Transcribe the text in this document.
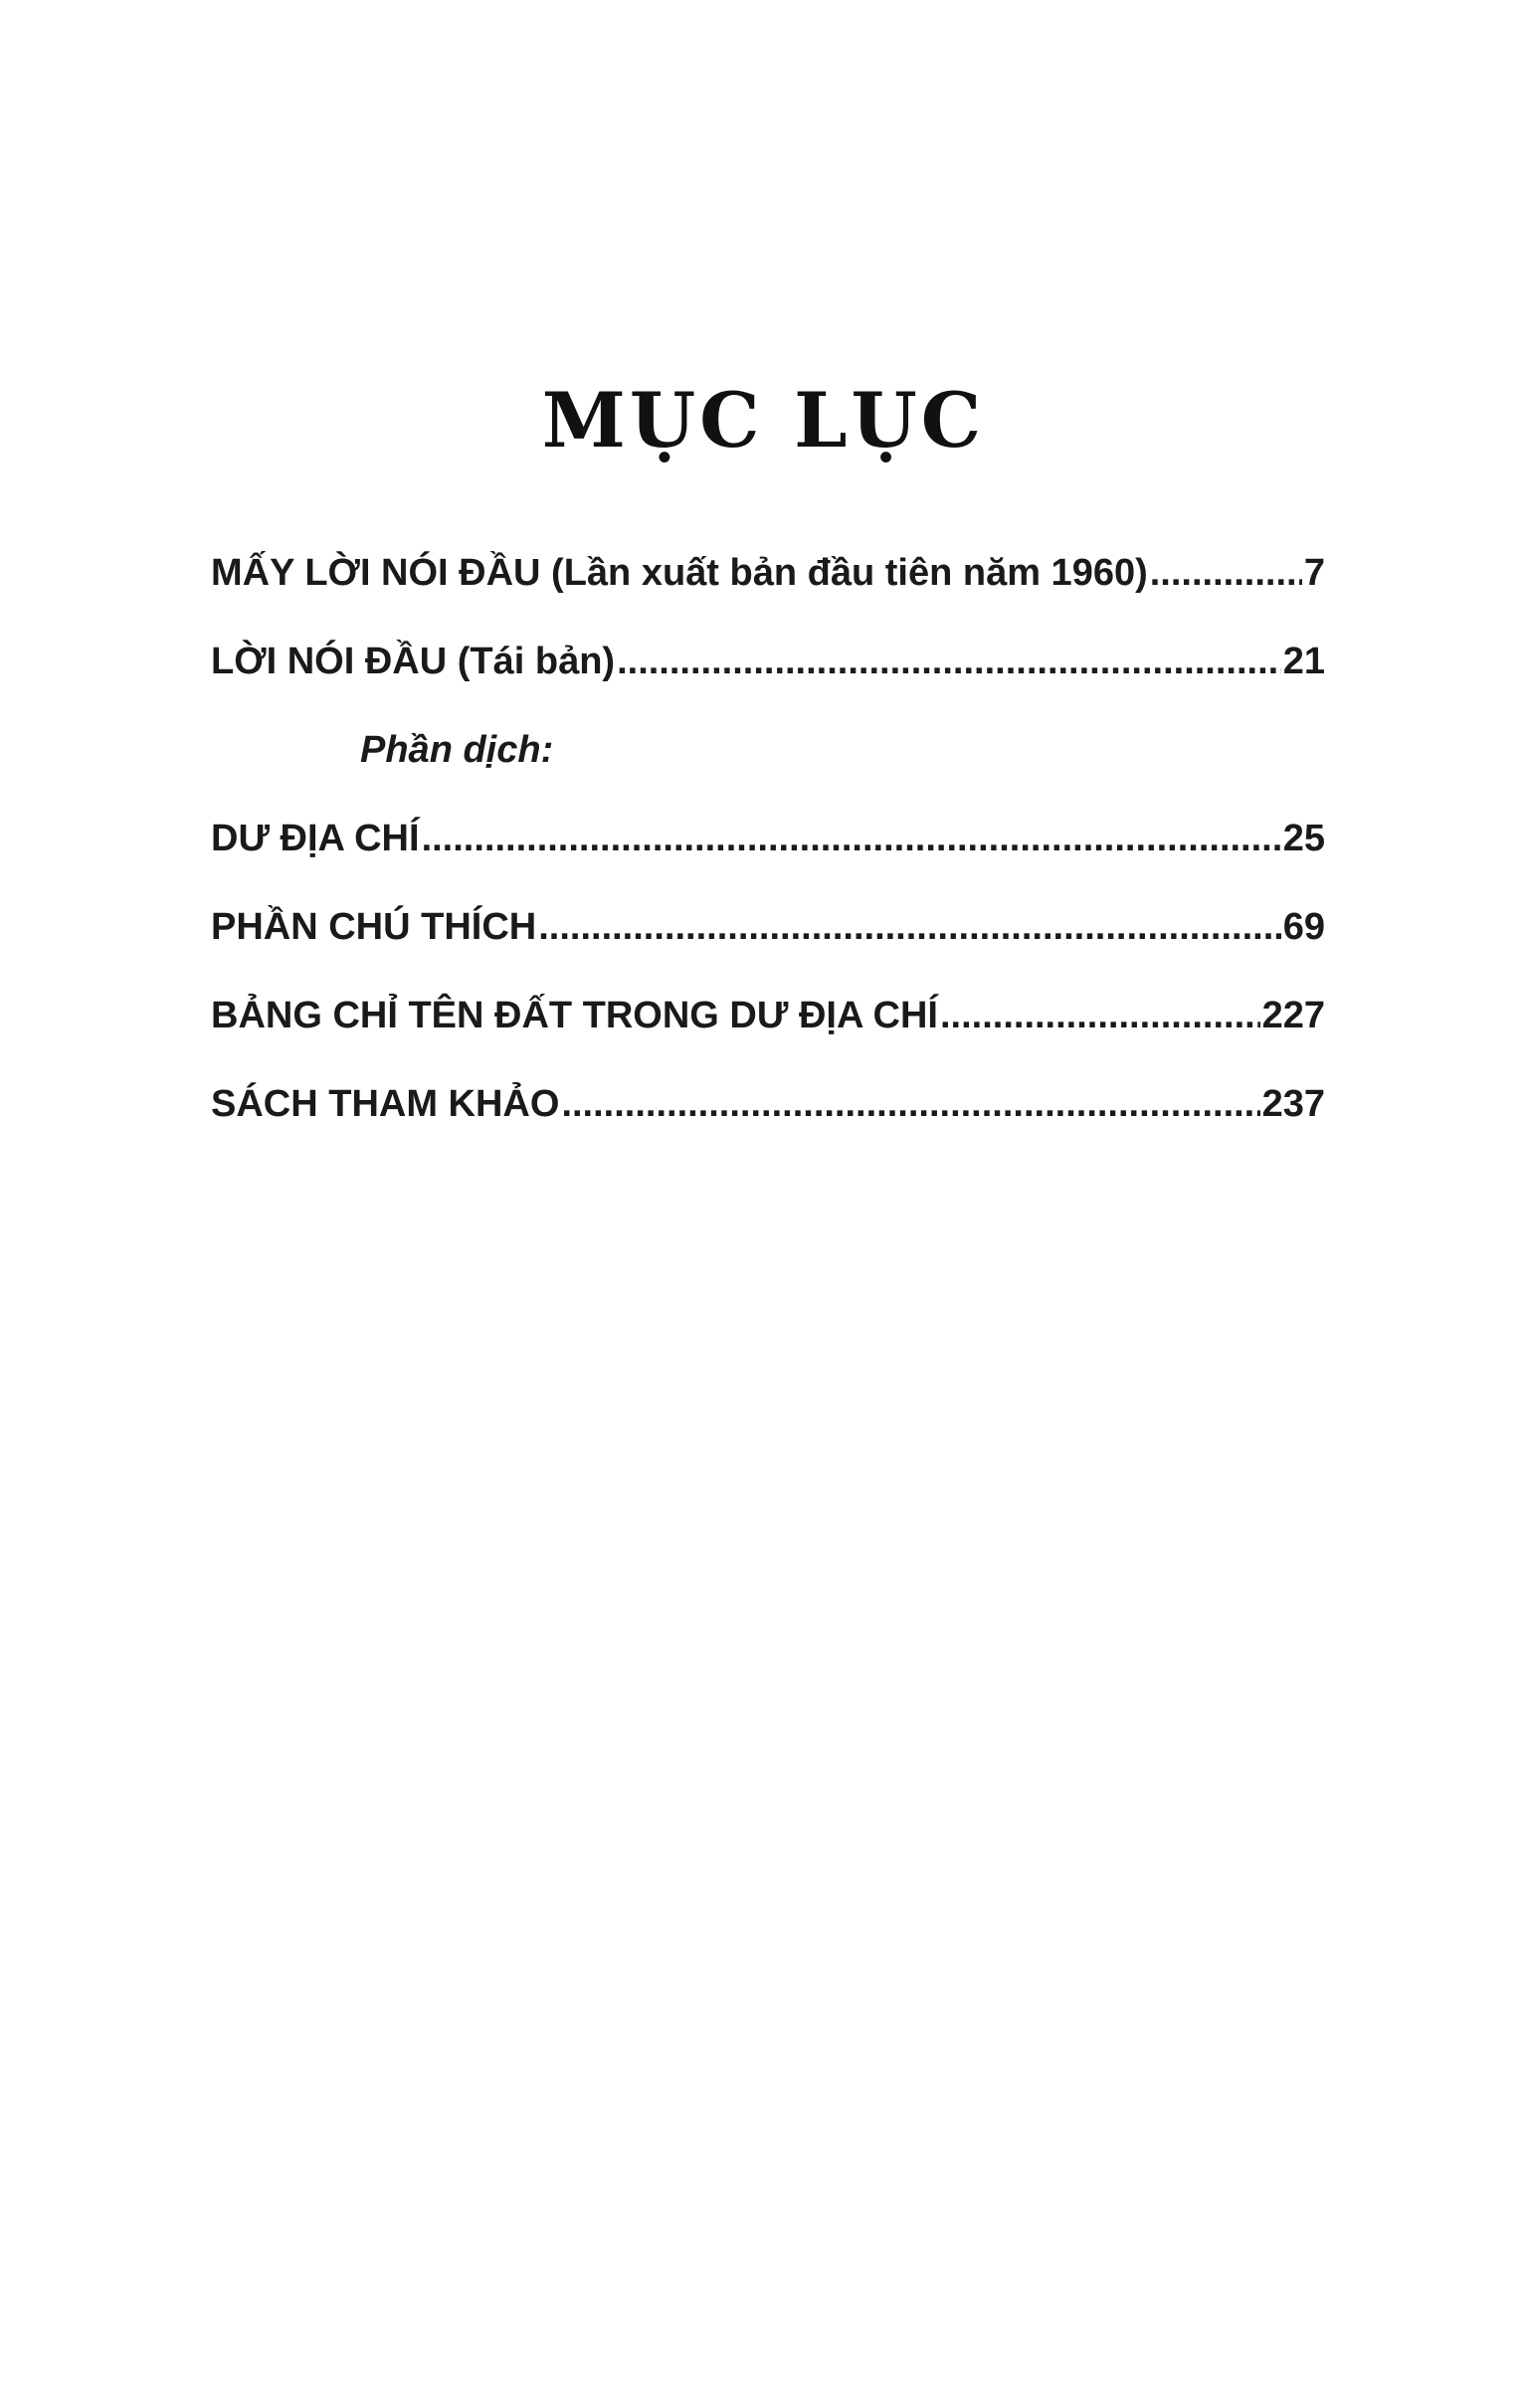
MỤC LỤC
MẤY LỜI NÓI ĐẦU (Lần xuất bản đầu tiên năm 1960) .....	7
LỜI NÓI ĐẦU (Tái bản) .....	21
Phần dịch:
DƯ ĐỊA CHÍ .....	25
PHẦN CHÚ THÍCH .....	69
BẢNG CHỈ TÊN ĐẤT TRONG DƯ ĐỊA CHÍ .....	227
SÁCH THAM KHẢO .....	237
